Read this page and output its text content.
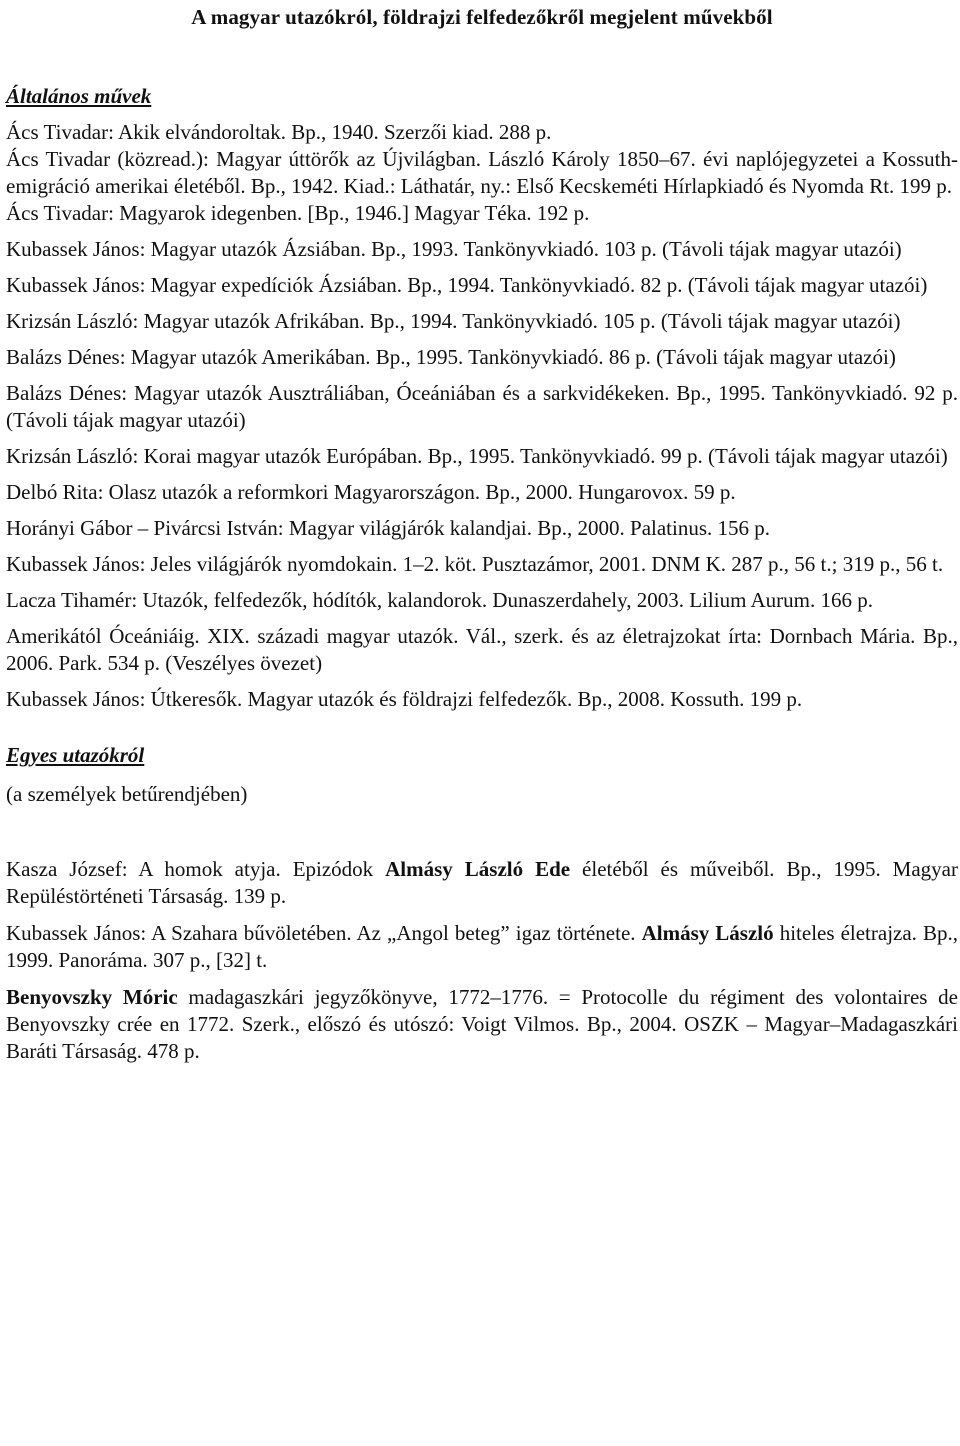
A magyar utazókról, földrajzi felfedezőkről megjelent művekből
Általános művek

Ács Tivadar: Akik elvándoroltak. Bp., 1940. Szerzői kiad. 288 p.

Ács Tivadar (közread.): Magyar úttörők az Újvilágban. László Károly 1850–67. évi naplójegyzetei a Kossuth-emigráció amerikai életéből. Bp., 1942. Kiad.: Láthatár, ny.: Első Kecskeméti Hírlapkiadó és Nyomda Rt. 199 p.

Ács Tivadar: Magyarok idegenben. [Bp., 1946.] Magyar Téka. 192 p.

Kubassek János: Magyar utazók Ázsiában. Bp., 1993. Tankönyvkiadó. 103 p. (Távoli tájak magyar utazói)

Kubassek János: Magyar expedíciók Ázsiában. Bp., 1994. Tankönyvkiadó. 82 p. (Távoli tájak magyar utazói)

Krizsán László: Magyar utazók Afrikában. Bp., 1994. Tankönyvkiadó. 105 p. (Távoli tájak magyar utazói)

Balázs Dénes: Magyar utazók Amerikában. Bp., 1995. Tankönyvkiadó. 86 p. (Távoli tájak magyar utazói)

Balázs Dénes: Magyar utazók Ausztráliában, Óceániában és a sarkvidékeken. Bp., 1995. Tankönyvkiadó. 92 p. (Távoli tájak magyar utazói)

Krizsán László: Korai magyar utazók Európában. Bp., 1995. Tankönyvkiadó. 99 p. (Távoli tájak magyar utazói)

Delbó Rita: Olasz utazók a reformkori Magyarországon. Bp., 2000. Hungarovox. 59 p.

Horányi Gábor – Pivárcsi István: Magyar világjárók kalandjai. Bp., 2000. Palatinus. 156 p.

Kubassek János: Jeles világjárók nyomdokain. 1–2. köt. Pusztazámor, 2001. DNM K. 287 p., 56 t.; 319 p., 56 t.

Lacza Tihamér: Utazók, felfedezők, hódítók, kalandorok. Dunaszerdahely, 2003. Lilium Aurum. 166 p.

Amerikától Óceániáig. XIX. századi magyar utazók. Vál., szerk. és az életrajzokat írta: Dornbach Mária. Bp., 2006. Park. 534 p. (Veszélyes övezet)

Kubassek János: Útkeresők. Magyar utazók és földrajzi felfedezők. Bp., 2008. Kossuth. 199 p.

Egyes utazókról
(a személyek betűrendjében)

Kasza József: A homok atyja. Epizódok Almásy László Ede életéből és műveiből. Bp., 1995. Magyar Repüléstörténeti Társaság. 139 p.

Kubassek János: A Szahara bűvöletében. Az „Angol beteg” igaz története. Almásy László hiteles életrajza. Bp., 1999. Panoráma. 307 p., [32] t.

Benyovszky Móric madagaszkári jegyzőkönyve, 1772–1776. = Protocolle du régiment des volontaires de Benyovszky crée en 1772. Szerk., előszó és utószó: Voigt Vilmos. Bp., 2004. OSZK – Magyar–Madagaszkári Baráti Társaság. 478 p.
